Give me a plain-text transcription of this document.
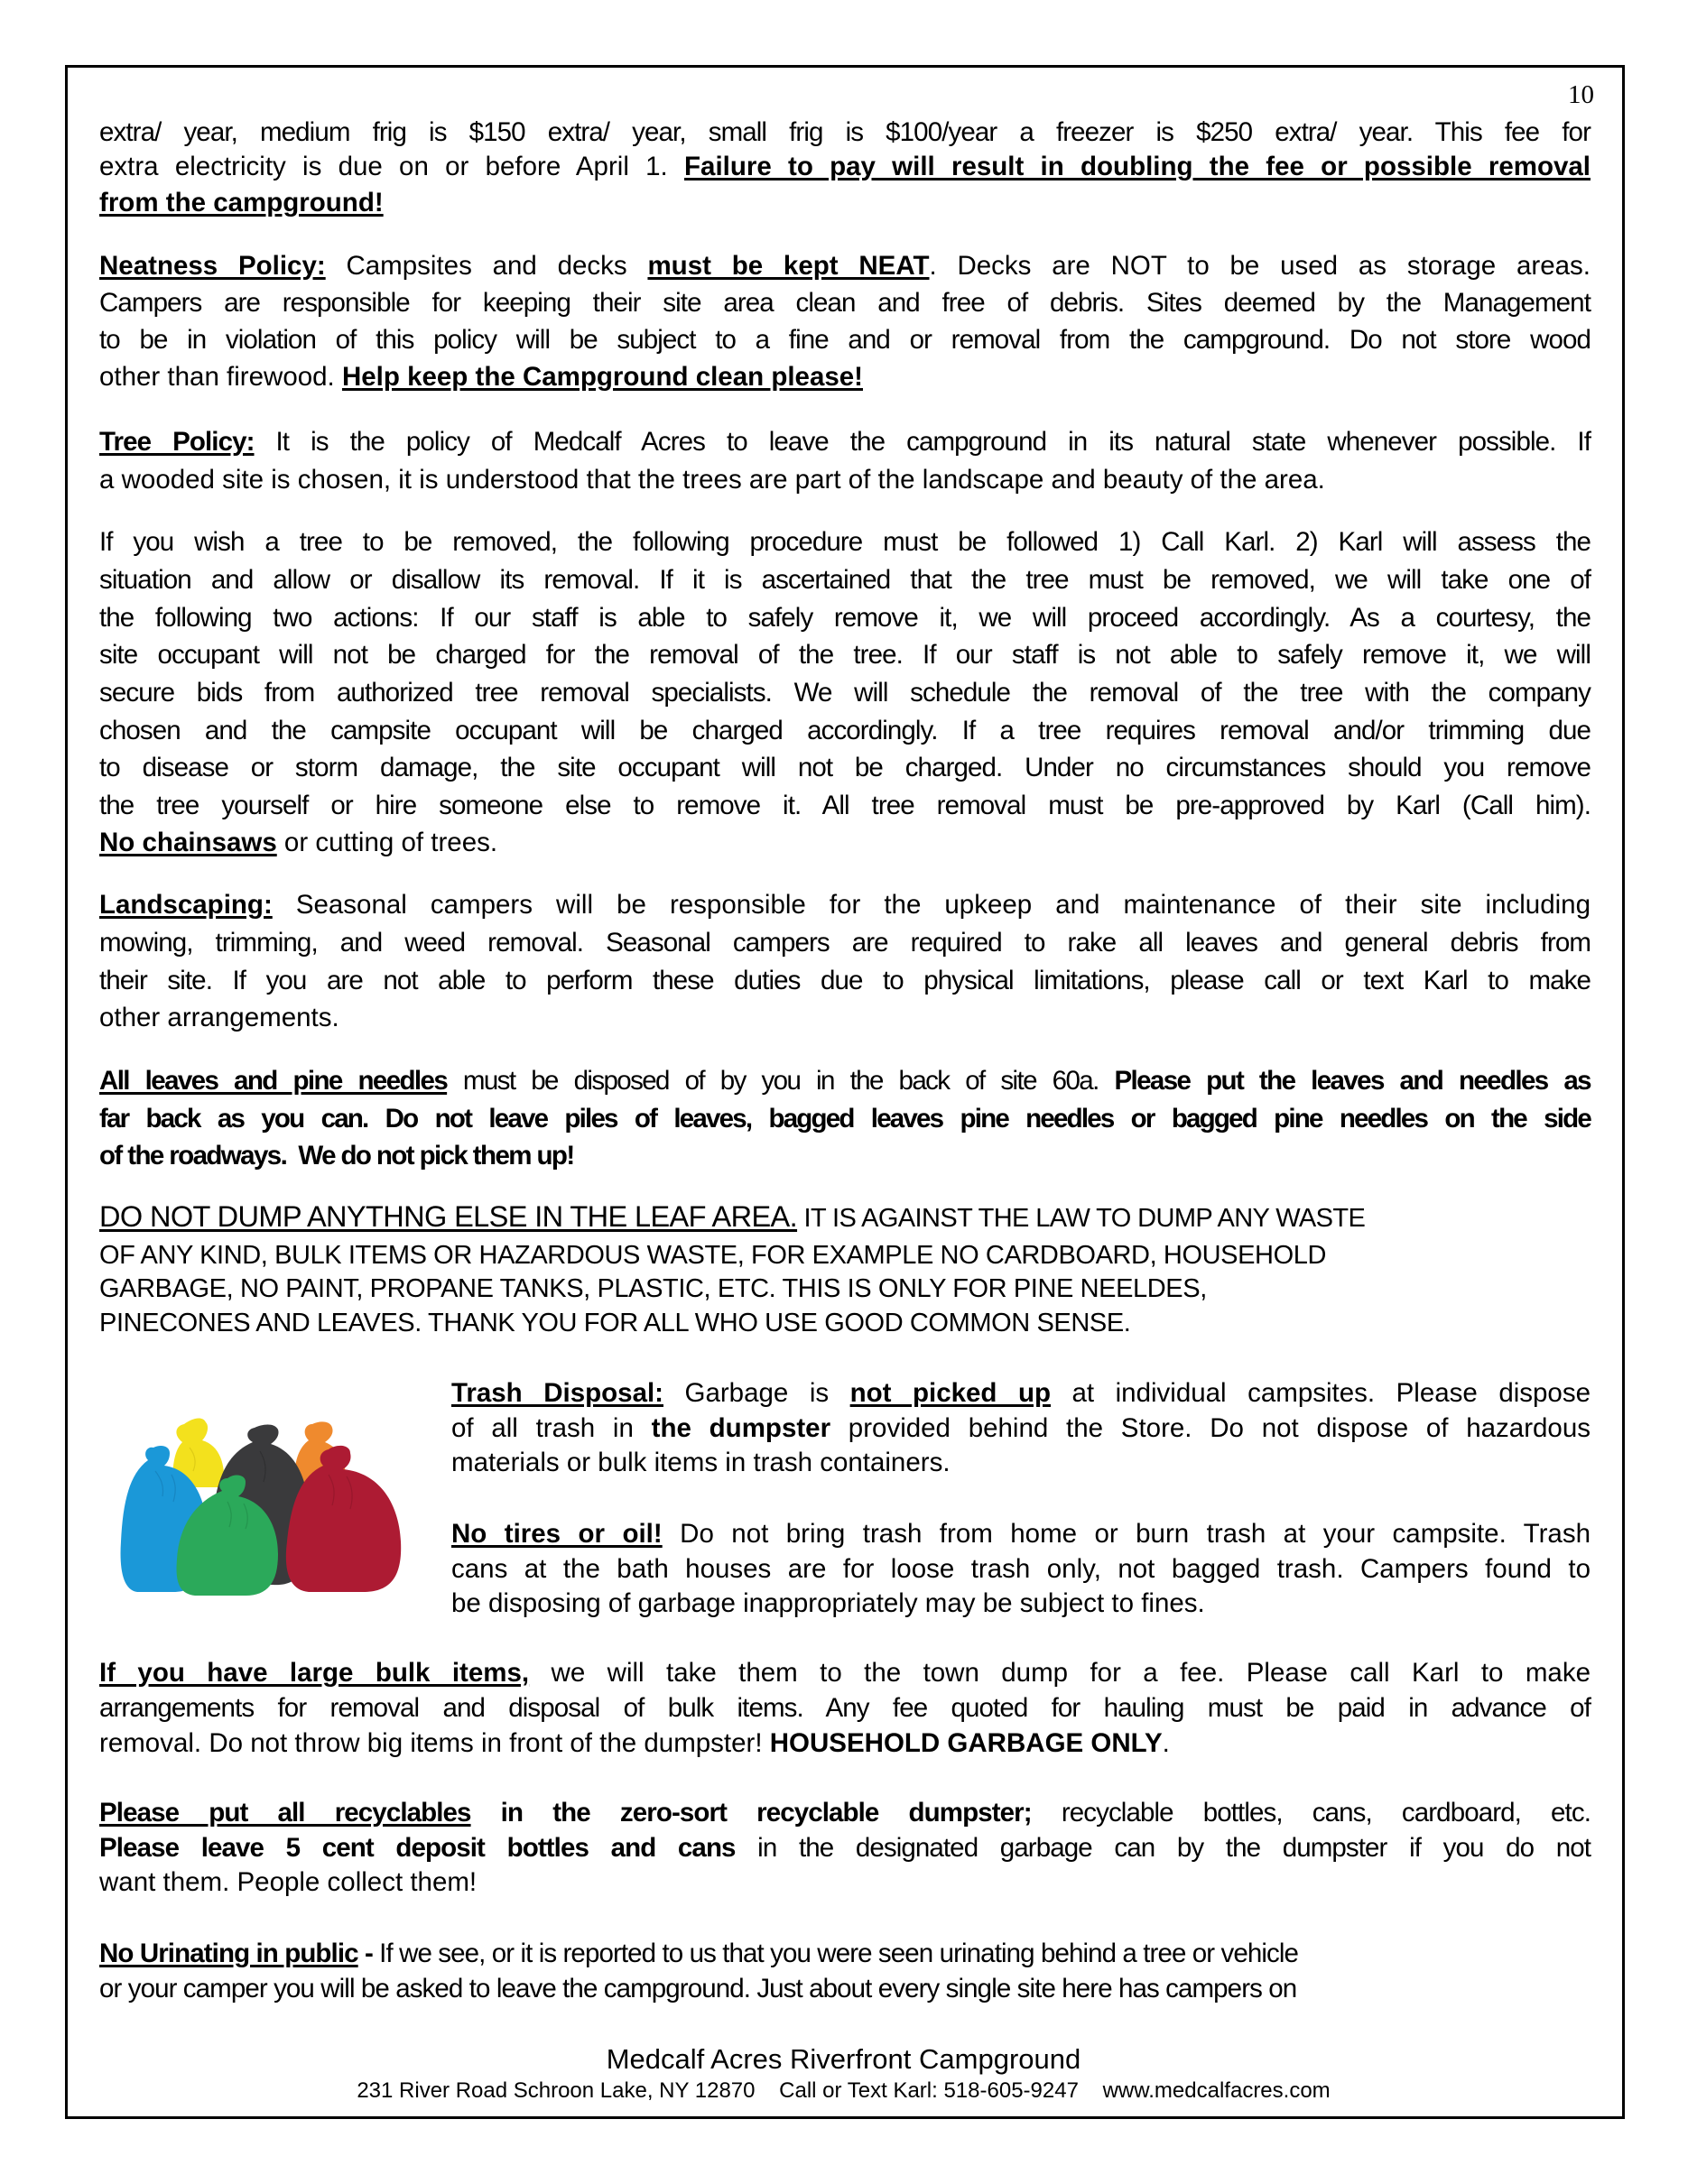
10
extra/ year, medium frig is $150 extra/ year, small frig is $100/year a freezer is $250 extra/ year. This fee for
extra electricity is due on or before April 1. Failure to pay will result in doubling the fee or possible removal
from the campground!
Neatness Policy: Campsites and decks must be kept NEAT. Decks are NOT to be used as storage areas.
Campers are responsible for keeping their site area clean and free of debris. Sites deemed by the Management
to be in violation of this policy will be subject to a fine and or removal from the campground. Do not store wood
other than firewood. Help keep the Campground clean please!
Tree Policy: It is the policy of Medcalf Acres to leave the campground in its natural state whenever possible. If
a wooded site is chosen, it is understood that the trees are part of the landscape and beauty of the area.
If you wish a tree to be removed, the following procedure must be followed 1) Call Karl. 2) Karl will assess the
situation and allow or disallow its removal. If it is ascertained that the tree must be removed, we will take one of
the following two actions: If our staff is able to safely remove it, we will proceed accordingly. As a courtesy, the
site occupant will not be charged for the removal of the tree. If our staff is not able to safely remove it, we will
secure bids from authorized tree removal specialists. We will schedule the removal of the tree with the company
chosen and the campsite occupant will be charged accordingly. If a tree requires removal and/or trimming due
to disease or storm damage, the site occupant will not be charged. Under no circumstances should you remove
the tree yourself or hire someone else to remove it. All tree removal must be pre-approved by Karl (Call him).
No chainsaws or cutting of trees.
Landscaping: Seasonal campers will be responsible for the upkeep and maintenance of their site including
mowing, trimming, and weed removal. Seasonal campers are required to rake all leaves and general debris from
their site. If you are not able to perform these duties due to physical limitations, please call or text Karl to make
other arrangements.
All leaves and pine needles must be disposed of by you in the back of site 60a. Please put the leaves and needles as
far back as you can. Do not leave piles of leaves, bagged leaves pine needles or bagged pine needles on the side
of the roadways.  We do not pick them up!
DO NOT DUMP ANYTHNG ELSE IN THE LEAF AREA. IT IS AGAINST THE LAW TO DUMP ANY WASTE
OF ANY KIND, BULK ITEMS OR HAZARDOUS WASTE, FOR EXAMPLE NO CARDBOARD, HOUSEHOLD
GARBAGE, NO PAINT, PROPANE TANKS, PLASTIC, ETC. THIS IS ONLY FOR PINE NEELDES,
PINECONES AND LEAVES. THANK YOU FOR ALL WHO USE GOOD COMMON SENSE.
Trash Disposal: Garbage is not picked up at individual campsites. Please dispose
of all trash in the dumpster provided behind the Store. Do not dispose of hazardous
materials or bulk items in trash containers.
No tires or oil! Do not bring trash from home or burn trash at your campsite. Trash
cans at the bath houses are for loose trash only, not bagged trash. Campers found to
be disposing of garbage inappropriately may be subject to fines.
If you have large bulk items, we will take them to the town dump for a fee. Please call Karl to make
arrangements for removal and disposal of bulk items. Any fee quoted for hauling must be paid in advance of
removal. Do not throw big items in front of the dumpster! HOUSEHOLD GARBAGE ONLY.
Please put all recyclables in the zero-sort recyclable dumpster; recyclable bottles, cans, cardboard, etc.
Please leave 5 cent deposit bottles and cans in the designated garbage can by the dumpster if you do not
want them. People collect them!
No Urinating in public - If we see, or it is reported to us that you were seen urinating behind a tree or vehicle
or your camper you will be asked to leave the campground. Just about every single site here has campers on
Medcalf Acres Riverfront Campground
231 River Road Schroon Lake, NY 12870 Call or Text Karl: 518-605-9247 www.medcalfacres.com
